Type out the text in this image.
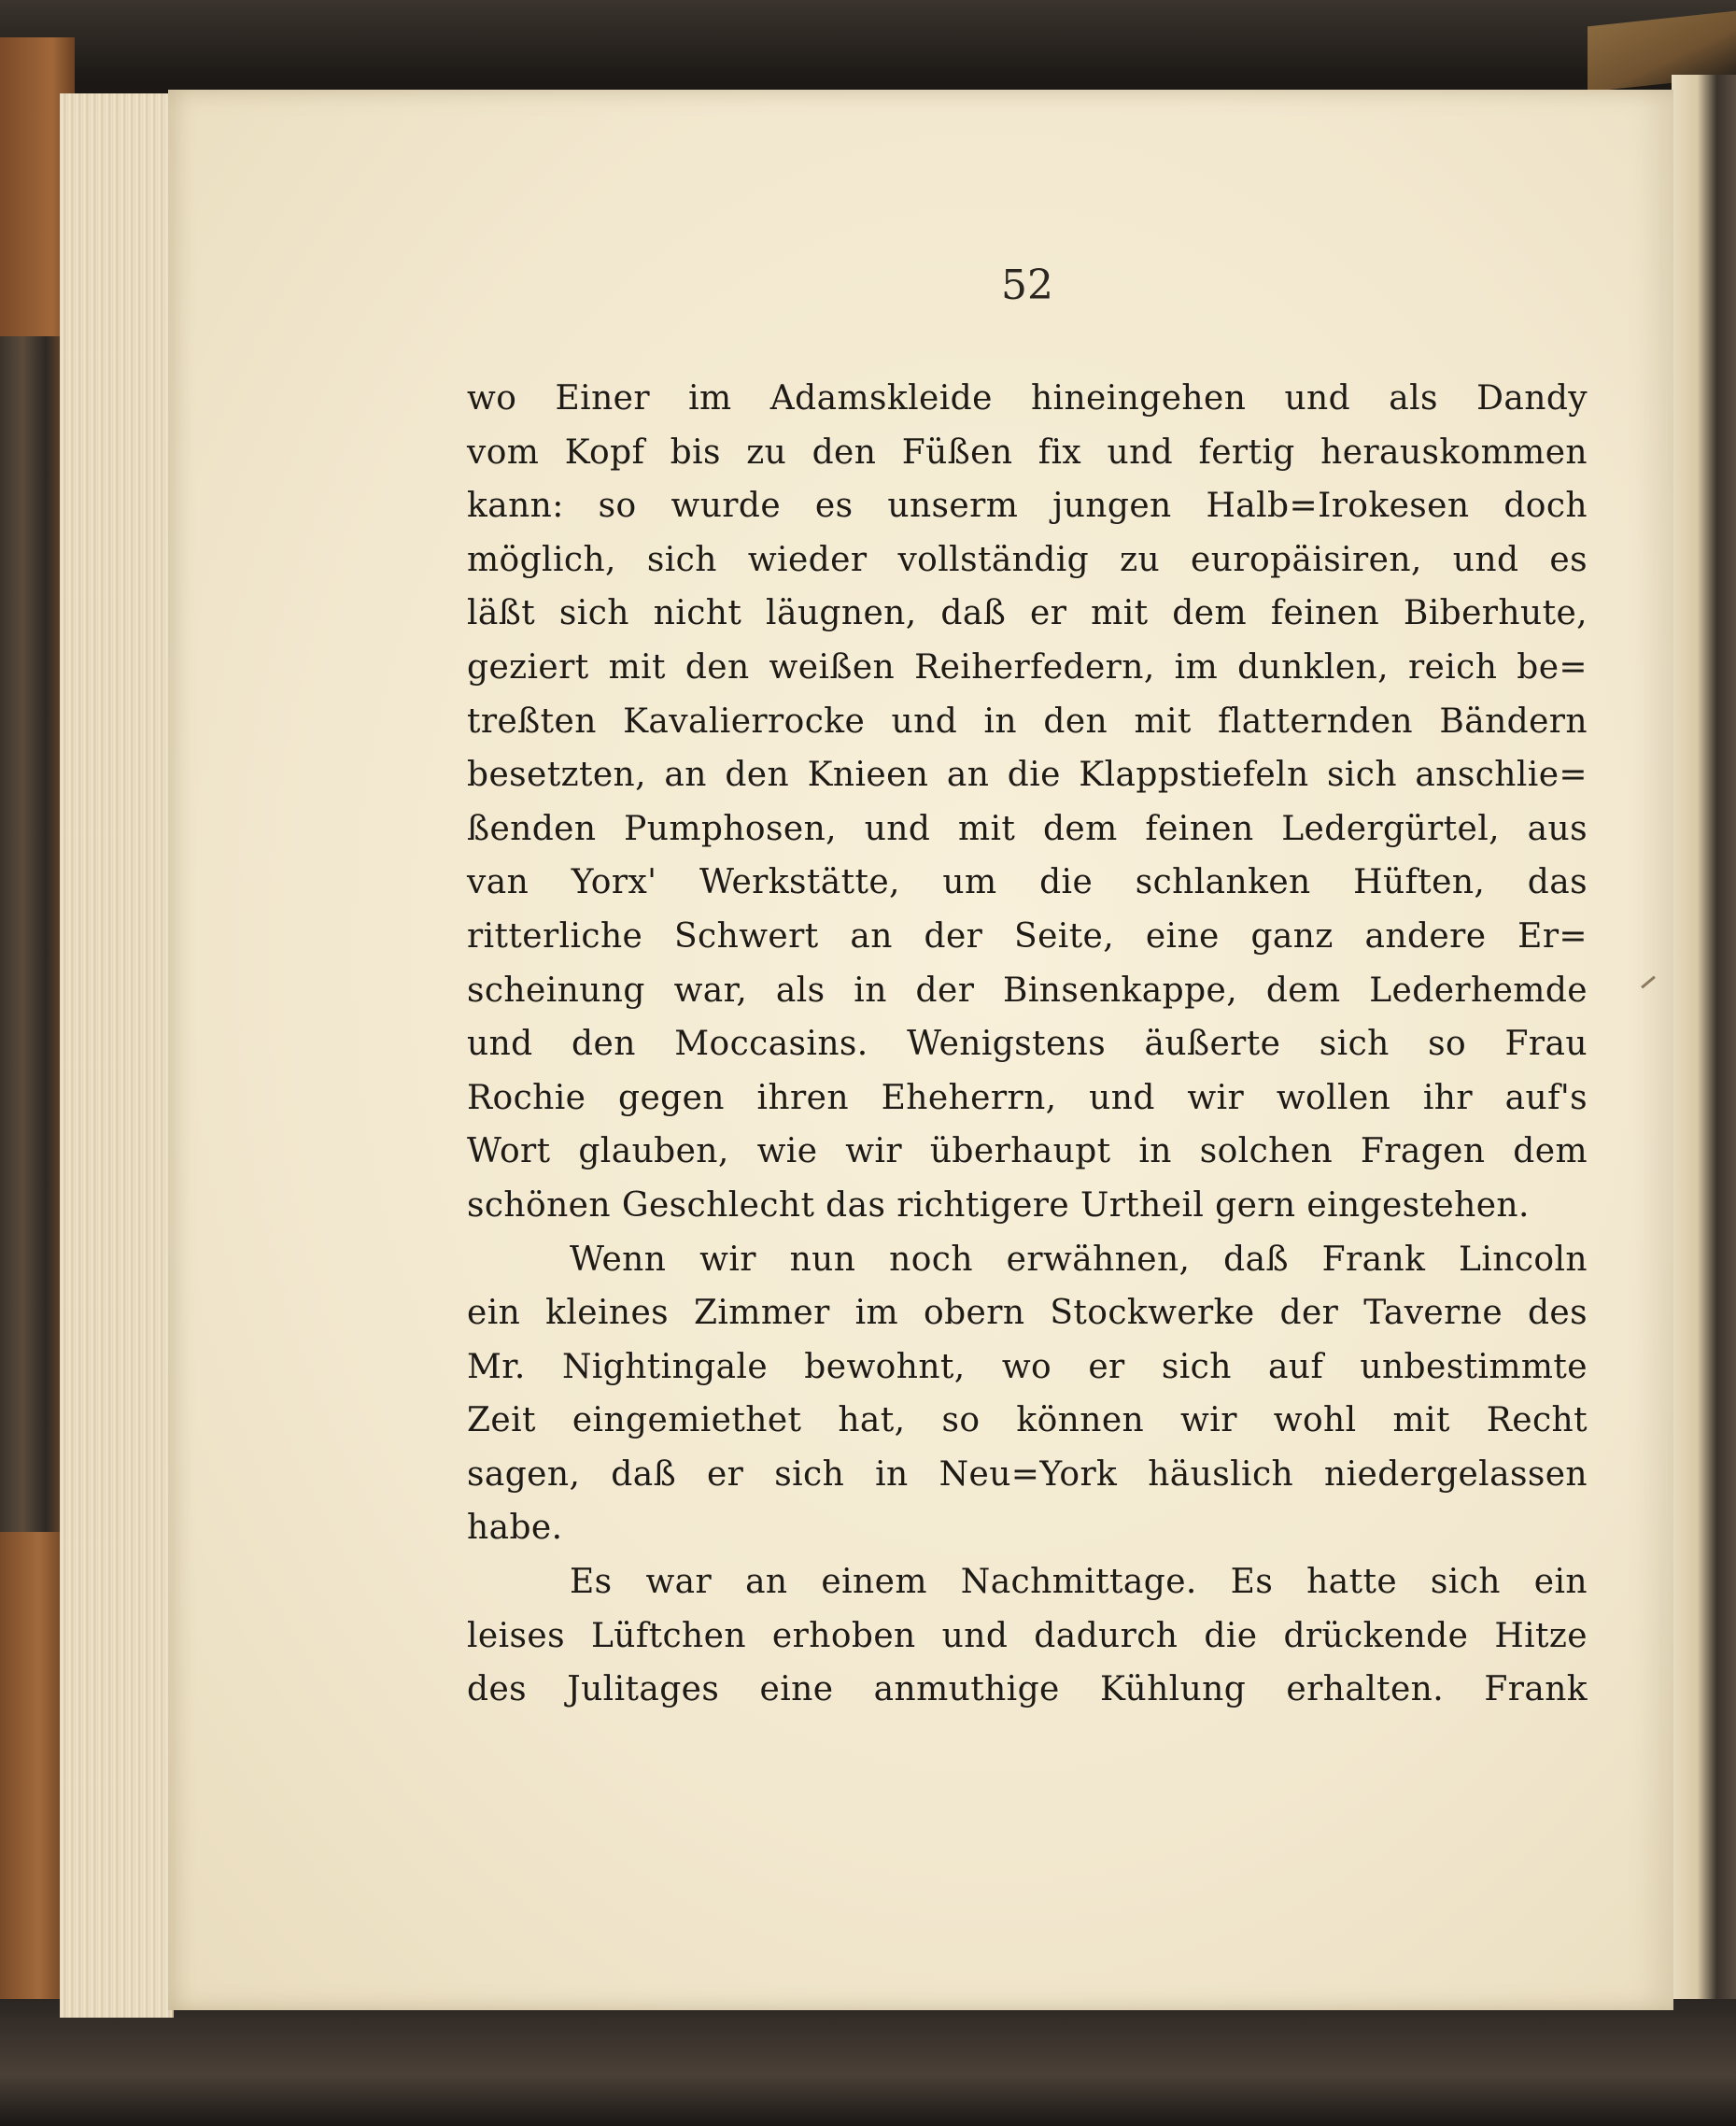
52
wo Einer im Adamskleide hineingehen und als Dandy
vom Kopf bis zu den Füßen fix und fertig herauskommen
kann: so wurde es unserm jungen Halb=Irokesen doch
möglich, sich wieder vollständig zu europäisiren, und es
läßt sich nicht läugnen, daß er mit dem feinen Biberhute,
geziert mit den weißen Reiherfedern, im dunklen, reich be=
treßten Kavalierrocke und in den mit flatternden Bändern
besetzten, an den Knieen an die Klappstiefeln sich anschlie=
ßenden Pumphosen, und mit dem feinen Ledergürtel, aus
van Yorx' Werkstätte, um die schlanken Hüften, das
ritterliche Schwert an der Seite, eine ganz andere Er=
scheinung war, als in der Binsenkappe, dem Lederhemde
und den Moccasins. Wenigstens äußerte sich so Frau
Rochie gegen ihren Eheherrn, und wir wollen ihr auf's
Wort glauben, wie wir überhaupt in solchen Fragen dem
schönen Geschlecht das richtigere Urtheil gern eingestehen.
Wenn wir nun noch erwähnen, daß Frank Lincoln
ein kleines Zimmer im obern Stockwerke der Taverne des
Mr. Nightingale bewohnt, wo er sich auf unbestimmte
Zeit eingemiethet hat, so können wir wohl mit Recht
sagen, daß er sich in Neu=York häuslich niedergelassen
habe.
Es war an einem Nachmittage. Es hatte sich ein
leises Lüftchen erhoben und dadurch die drückende Hitze
des Julitages eine anmuthige Kühlung erhalten. Frank
